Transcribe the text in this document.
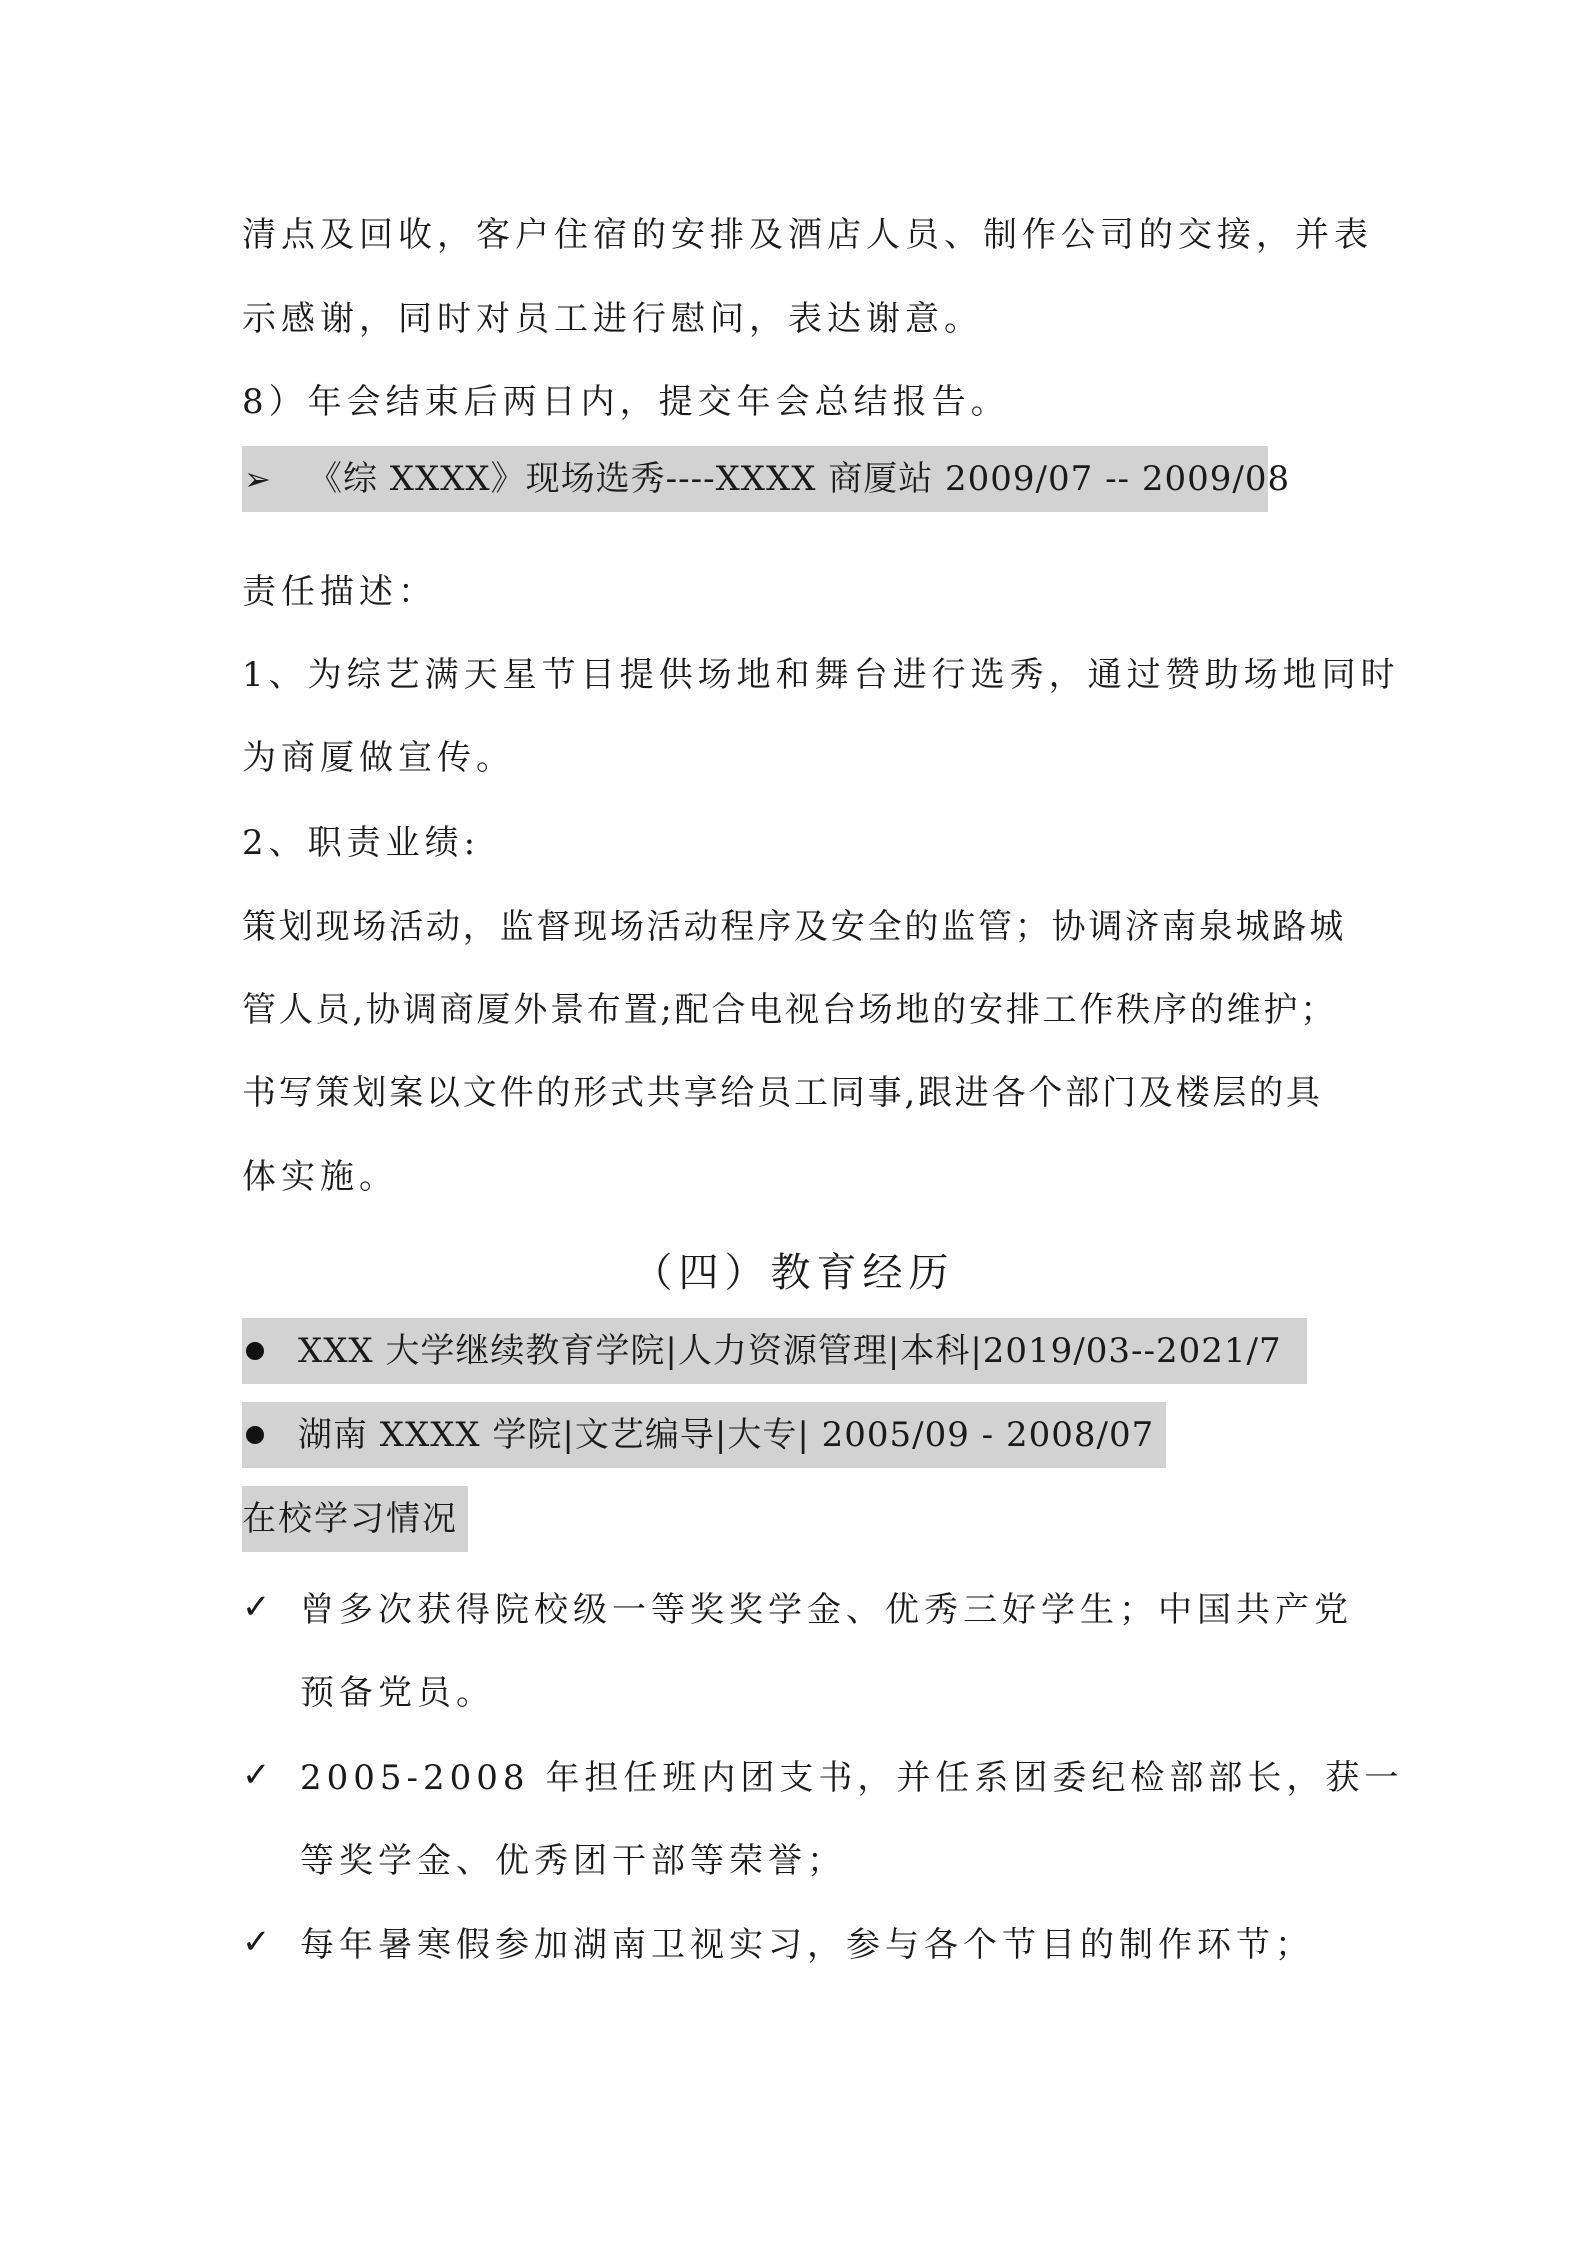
清点及回收，客户住宿的安排及酒店人员、制作公司的交接，并表
示感谢，同时对员工进行慰问，表达谢意。
8）年会结束后两日内，提交年会总结报告。
➢ 《综 XXXX》现场选秀----XXXX 商厦站 2009/07 -- 2009/08
责任描述：
1、为综艺满天星节目提供场地和舞台进行选秀，通过赞助场地同时
为商厦做宣传。
2、职责业绩:
策划现场活动，监督现场活动程序及安全的监管；协调济南泉城路城
管人员,协调商厦外景布置;配合电视台场地的安排工作秩序的维护；
书写策划案以文件的形式共享给员工同事,跟进各个部门及楼层的具
体实施。
（四）教育经历
XXX 大学继续教育学院|人力资源管理|本科|2019/03--2021/7
湖南 XXXX 学院|文艺编导|大专| 2005/09 - 2008/07
在校学习情况
✓ 曾多次获得院校级一等奖奖学金、优秀三好学生；中国共产党
预备党员。
✓ 2005-2008 年担任班内团支书，并任系团委纪检部部长，获一
等奖学金、优秀团干部等荣誉；
✓ 每年暑寒假参加湖南卫视实习，参与各个节目的制作环节；
